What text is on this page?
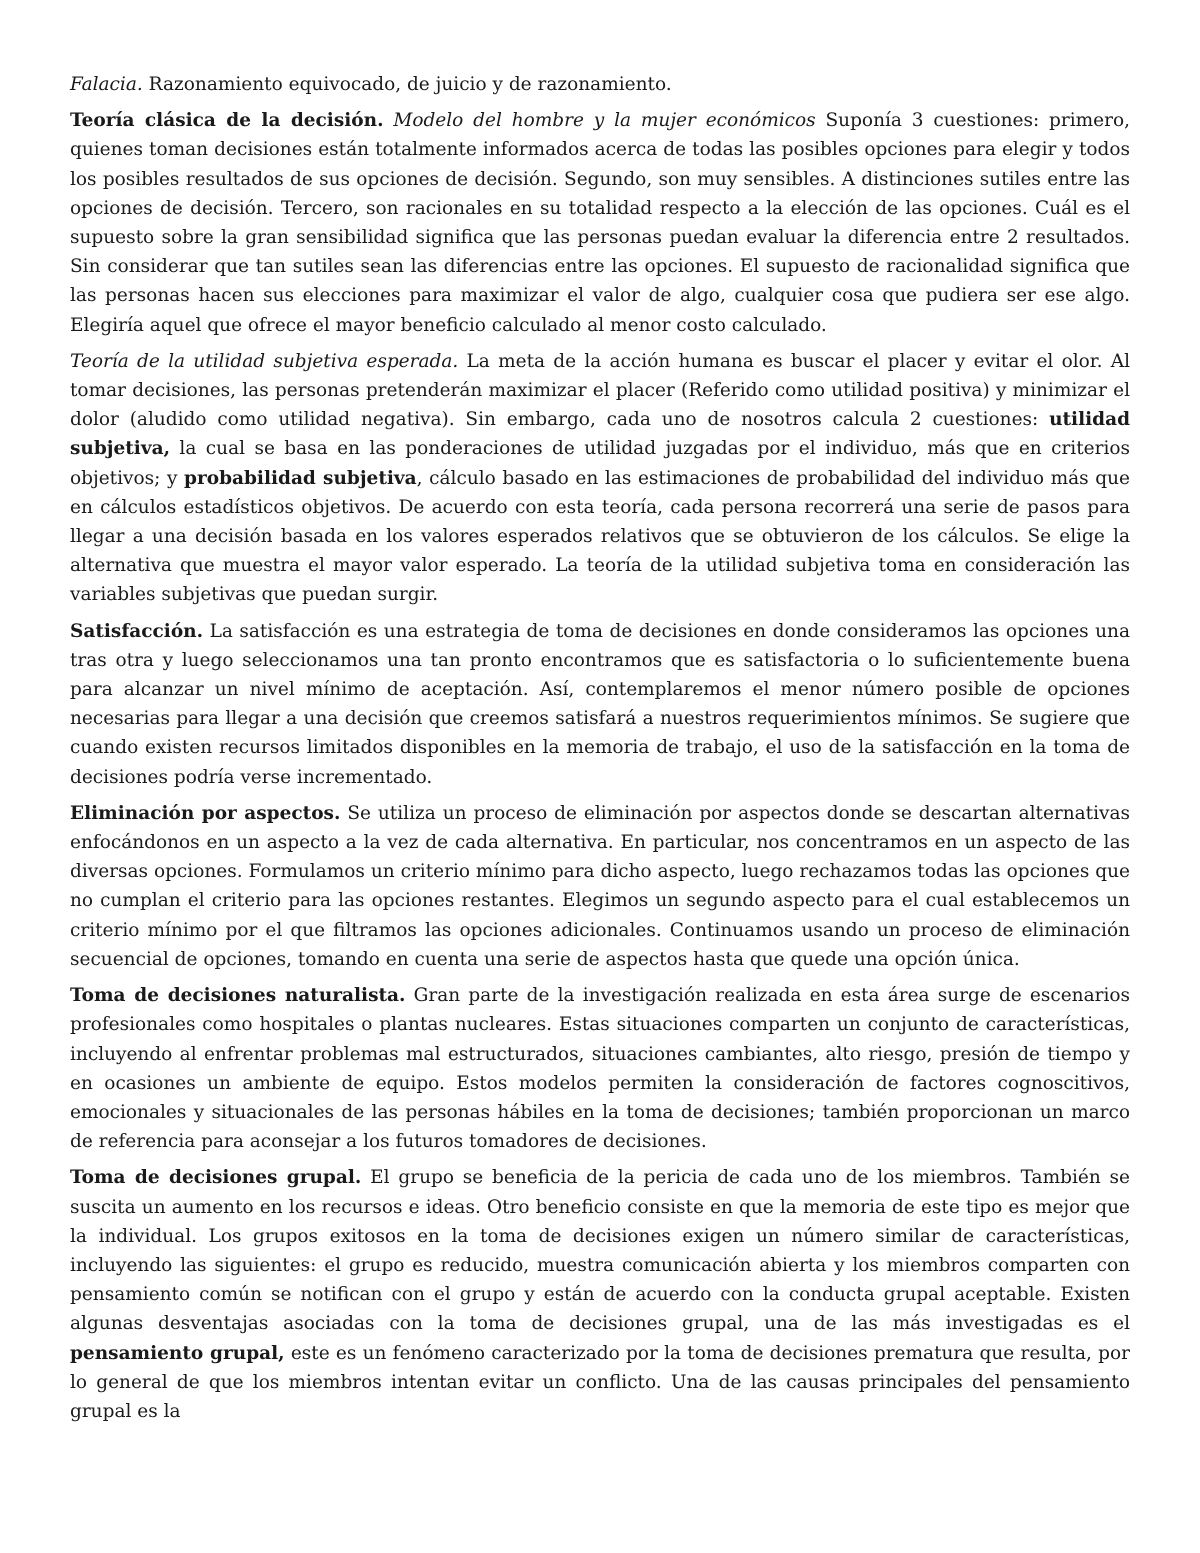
Falacia. Razonamiento equivocado, de juicio y de razonamiento.

Teoría clásica de la decisión. Modelo del hombre y la mujer económicos Suponía 3 cuestiones: primero, quienes toman decisiones están totalmente informados acerca de todas las posibles opciones para elegir y todos los posibles resultados de sus opciones de decisión. Segundo, son muy sensibles. A distinciones sutiles entre las opciones de decisión. Tercero, son racionales en su totalidad respecto a la elección de las opciones. Cuál es el supuesto sobre la gran sensibilidad significa que las personas puedan evaluar la diferencia entre 2 resultados. Sin considerar que tan sutiles sean las diferencias entre las opciones. El supuesto de racionalidad significa que las personas hacen sus elecciones para maximizar el valor de algo, cualquier cosa que pudiera ser ese algo. Elegiría aquel que ofrece el mayor beneficio calculado al menor costo calculado.

Teoría de la utilidad subjetiva esperada. La meta de la acción humana es buscar el placer y evitar el olor. Al tomar decisiones, las personas pretenderán maximizar el placer (Referido como utilidad positiva) y minimizar el dolor (aludido como utilidad negativa). Sin embargo, cada uno de nosotros calcula 2 cuestiones: utilidad subjetiva, la cual se basa en las ponderaciones de utilidad juzgadas por el individuo, más que en criterios objetivos; y probabilidad subjetiva, cálculo basado en las estimaciones de probabilidad del individuo más que en cálculos estadísticos objetivos. De acuerdo con esta teoría, cada persona recorrerá una serie de pasos para llegar a una decisión basada en los valores esperados relativos que se obtuvieron de los cálculos. Se elige la alternativa que muestra el mayor valor esperado. La teoría de la utilidad subjetiva toma en consideración las variables subjetivas que puedan surgir.

Satisfacción. La satisfacción es una estrategia de toma de decisiones en donde consideramos las opciones una tras otra y luego seleccionamos una tan pronto encontramos que es satisfactoria o lo suficientemente buena para alcanzar un nivel mínimo de aceptación. Así, contemplaremos el menor número posible de opciones necesarias para llegar a una decisión que creemos satisfará a nuestros requerimientos mínimos. Se sugiere que cuando existen recursos limitados disponibles en la memoria de trabajo, el uso de la satisfacción en la toma de decisiones podría verse incrementado.

Eliminación por aspectos. Se utiliza un proceso de eliminación por aspectos donde se descartan alternativas enfocándonos en un aspecto a la vez de cada alternativa. En particular, nos concentramos en un aspecto de las diversas opciones. Formulamos un criterio mínimo para dicho aspecto, luego rechazamos todas las opciones que no cumplan el criterio para las opciones restantes. Elegimos un segundo aspecto para el cual establecemos un criterio mínimo por el que filtramos las opciones adicionales. Continuamos usando un proceso de eliminación secuencial de opciones, tomando en cuenta una serie de aspectos hasta que quede una opción única.

Toma de decisiones naturalista. Gran parte de la investigación realizada en esta área surge de escenarios profesionales como hospitales o plantas nucleares. Estas situaciones comparten un conjunto de características, incluyendo al enfrentar problemas mal estructurados, situaciones cambiantes, alto riesgo, presión de tiempo y en ocasiones un ambiente de equipo. Estos modelos permiten la consideración de factores cognoscitivos, emocionales y situacionales de las personas hábiles en la toma de decisiones; también proporcionan un marco de referencia para aconsejar a los futuros tomadores de decisiones.

Toma de decisiones grupal. El grupo se beneficia de la pericia de cada uno de los miembros. También se suscita un aumento en los recursos e ideas. Otro beneficio consiste en que la memoria de este tipo es mejor que la individual. Los grupos exitosos en la toma de decisiones exigen un número similar de características, incluyendo las siguientes: el grupo es reducido, muestra comunicación abierta y los miembros comparten con pensamiento común se notifican con el grupo y están de acuerdo con la conducta grupal aceptable. Existen algunas desventajas asociadas con la toma de decisiones grupal, una de las más investigadas es el pensamiento grupal, este es un fenómeno caracterizado por la toma de decisiones prematura que resulta, por lo general de que los miembros intentan evitar un conflicto. Una de las causas principales del pensamiento grupal es la
